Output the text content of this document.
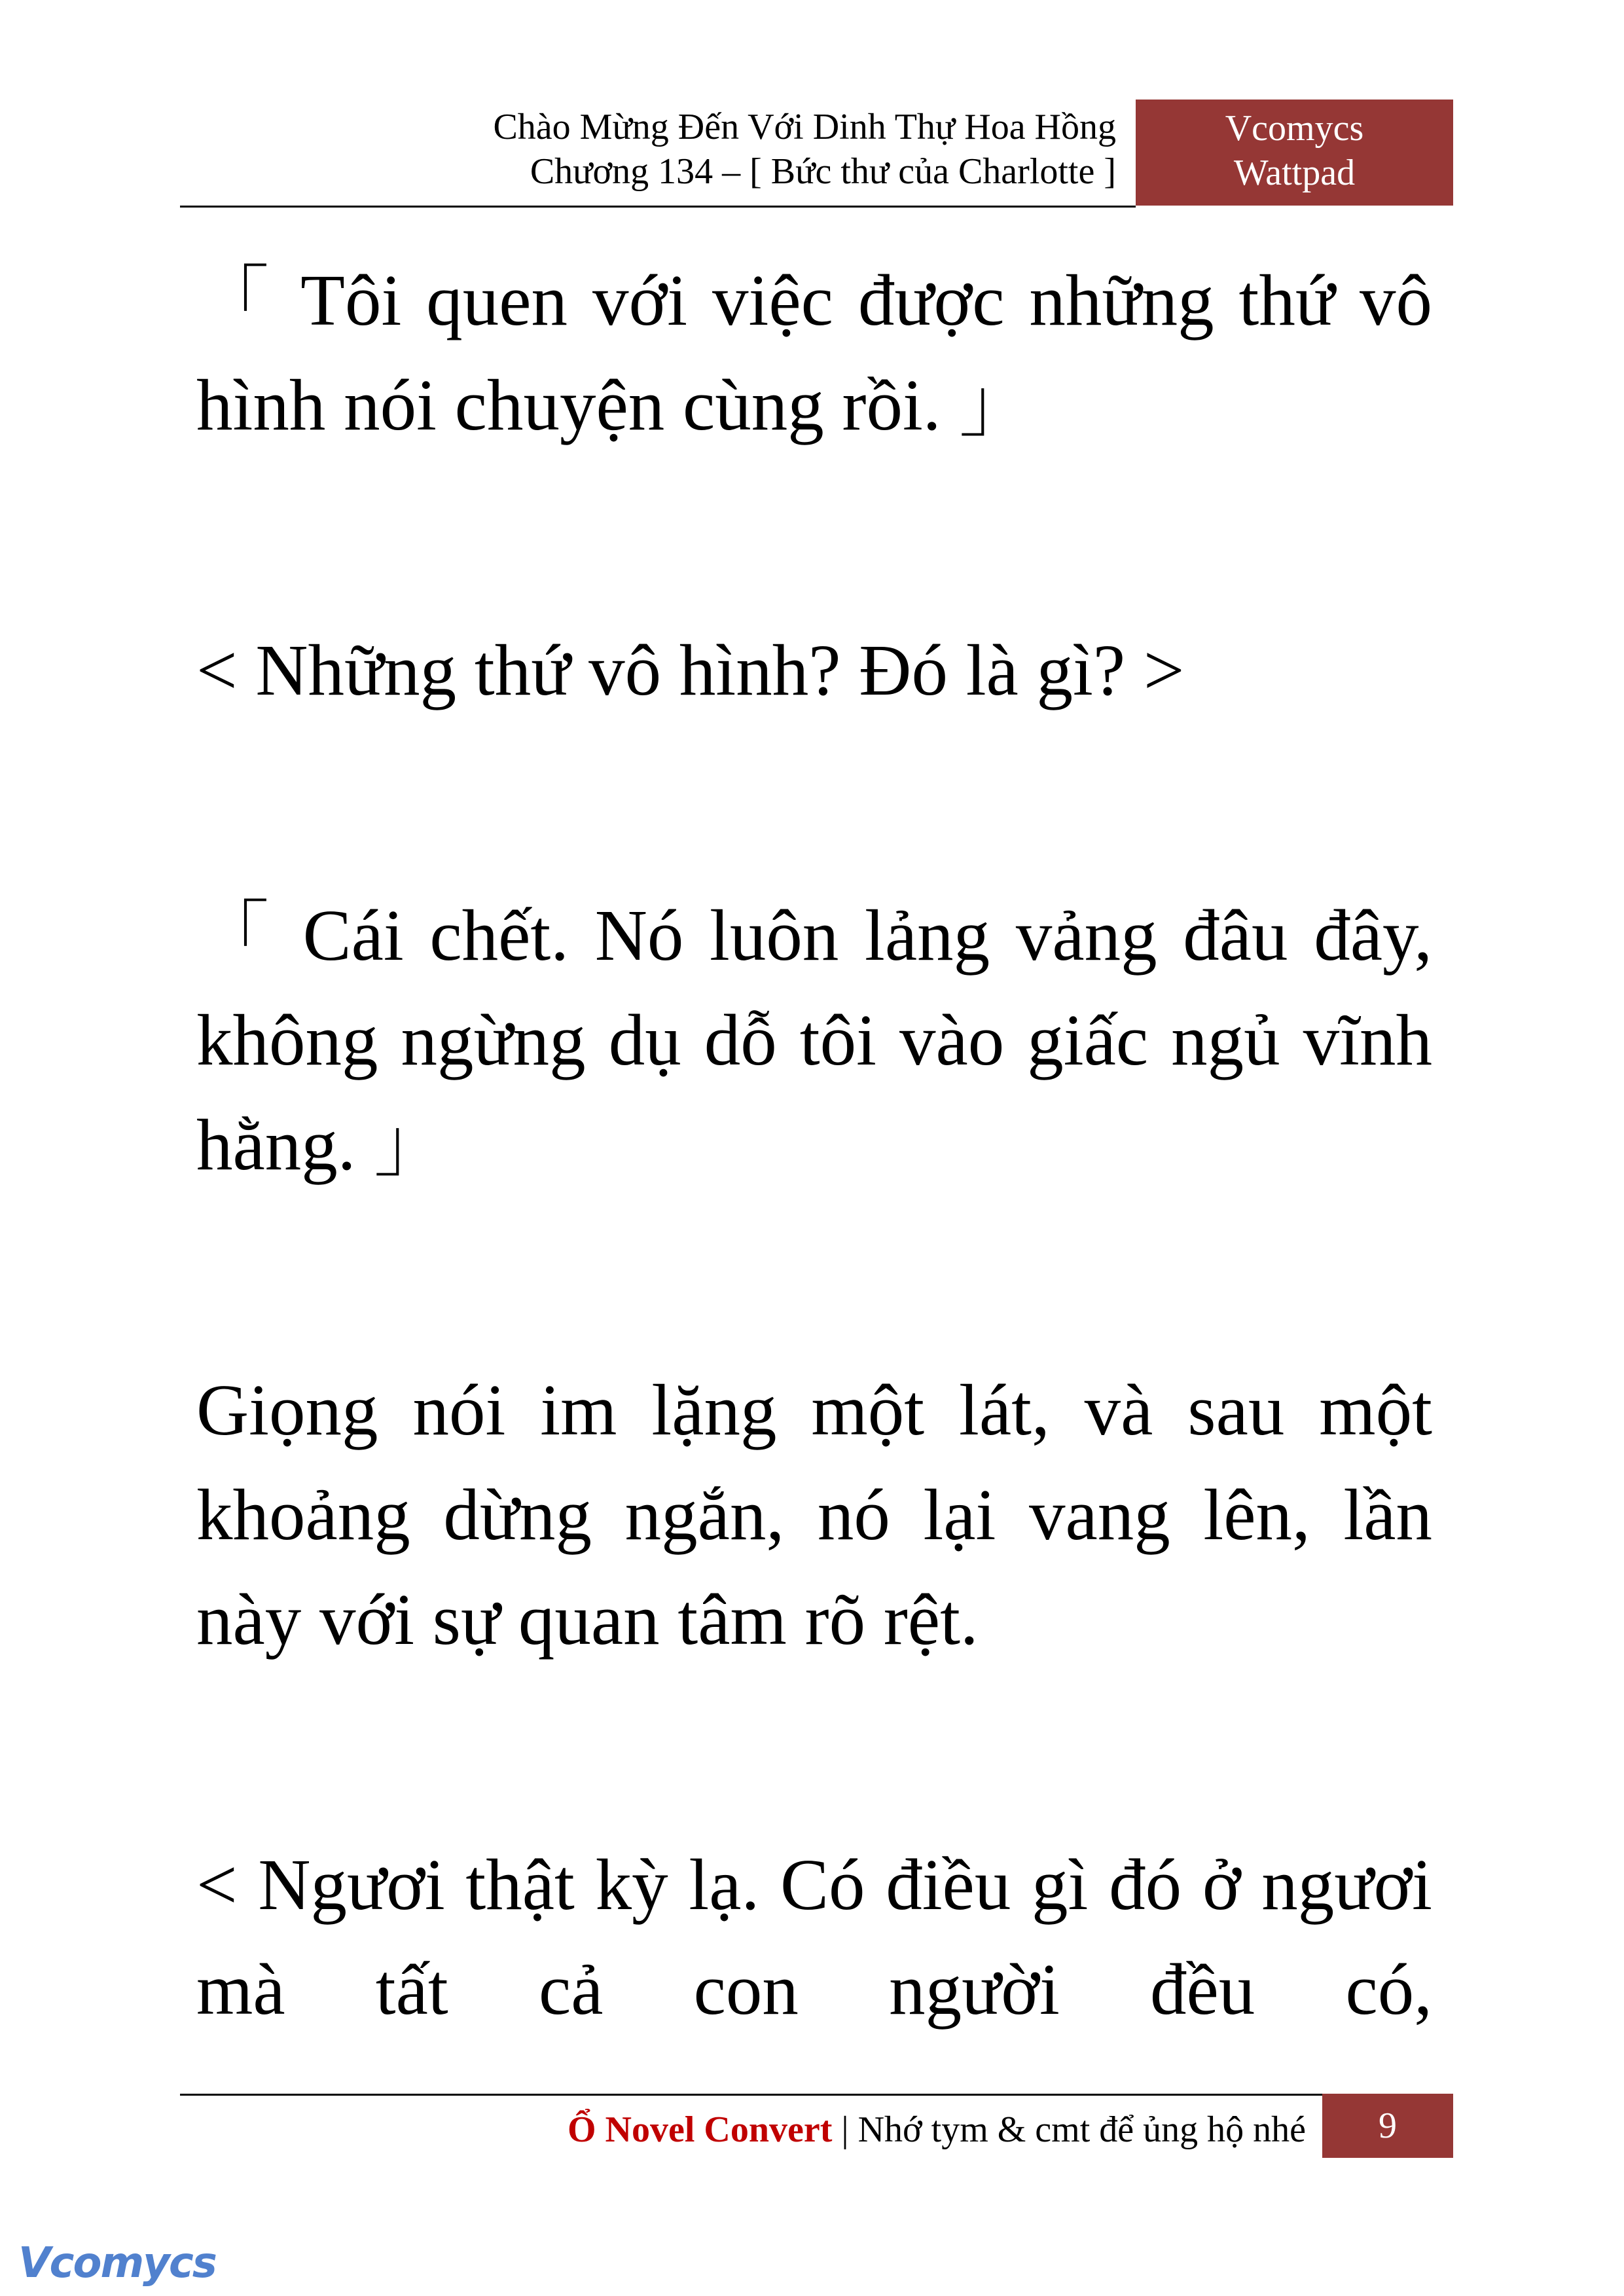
Chào Mừng Đến Với Dinh Thự Hoa Hồng
Chương 134 – [ Bức thư của Charlotte ]
Vcomycs
Wattpad

「 Tôi quen với việc được những thứ vô hình nói chuyện cùng rồi. 」

< Những thứ vô hình? Đó là gì? >

「 Cái chết. Nó luôn lảng vảng đâu đây, không ngừng dụ dỗ tôi vào giấc ngủ vĩnh hằng. 」

Giọng nói im lặng một lát, và sau một khoảng dừng ngắn, nó lại vang lên, lần này với sự quan tâm rõ rệt.

< Ngươi thật kỳ lạ. Có điều gì đó ở ngươi mà tất cả con người đều có,

Ổ Novel Convert | Nhớ tym & cmt để ủng hộ nhé	9
Vcomycs
